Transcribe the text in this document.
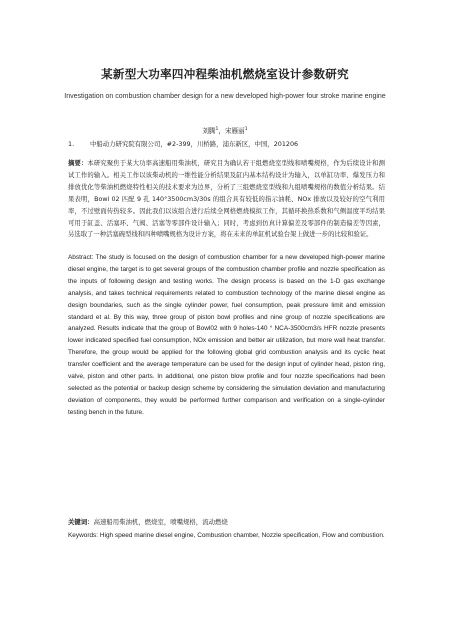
某新型大功率四冲程柴油机燃烧室设计参数研究
Investigation on combustion chamber design for a new developed high-power four stroke marine engine
刘腾$^1$，宋雁丽$^1$
1. 中船动力研究院有限公司，#2-399，川桥路，浦东新区，中国，201206
摘要：本研究聚焦于某大功率高速船用柴油机，研究目为确认若干组燃烧室型线和喷嘴规格，作为后续设计和测试工作的输入。相关工作以该柴动机的一维性能分析结果及缸内基本结构设计为输入，以单缸功率、爆发压力和排放优化等柴油机燃烧特性相关的技术要求为边界，分析了三组燃烧室型线和九组喷嘴规格的数值分析结果。结果表明，Bowl 02 匹配 9 孔 140°3500cm3/30s 的组合具有较低的指示油耗、NOx 排放以及较好的空气利用率，不过壁面传热较多。因此我们以该组合进行后续全网格燃烧模拟工作，其循环换热系数和气侧温度平均结果可用于缸盖、活塞环、气阀、活塞等零部件设计输入；同时，考虑到仿真计算偏差及零部件的制造偏差等因素，另选取了一种活塞碗型线和四种喷嘴规格为设计方案，将在未来的单缸机试验台架上做进一步的比较和验证。
Abstract: The study is focused on the design of combustion chamber for a new developed high-power marine diesel engine, the target is to get several groups of the combustion chamber profile and nozzle specification as the inputs of following design and testing works. The design process is based on the 1-D gas exchange analysis, and takes technical requirements related to combustion technology of the marine diesel engine as design boundaries, such as the single cylinder power, fuel consumption, peak pressure limit and emission standard et al. By this way, three group of piston bowl profiles and nine group of nozzle specifications are analyzed. Results indicate that the group of Bowl02 with 9 holes-140 ° NCA-3500cm3/s HFR nozzle presents lower indicated specified fuel consumption, NOx emission and better air utilization, but more wall heat transfer. Therefore, the group would be applied for the following global grid combustion analysis and its cyclic heat transfer coefficient and the average temperature can be used for the design input of cylinder head, piston ring, valve, piston and other parts. In additional, one piston blow profile and four nozzle specifications had been selected as the potential or backup design scheme by considering the simulation deviation and manufacturing deviation of components, they would be performed further comparison and verification on a single-cylinder testing bench in the future.
关键词：高速船用柴油机，燃烧室，喷嘴规格，流动燃烧
Keywords: High speed marine diesel engine, Combustion chamber, Nozzle specification, Flow and combustion.
